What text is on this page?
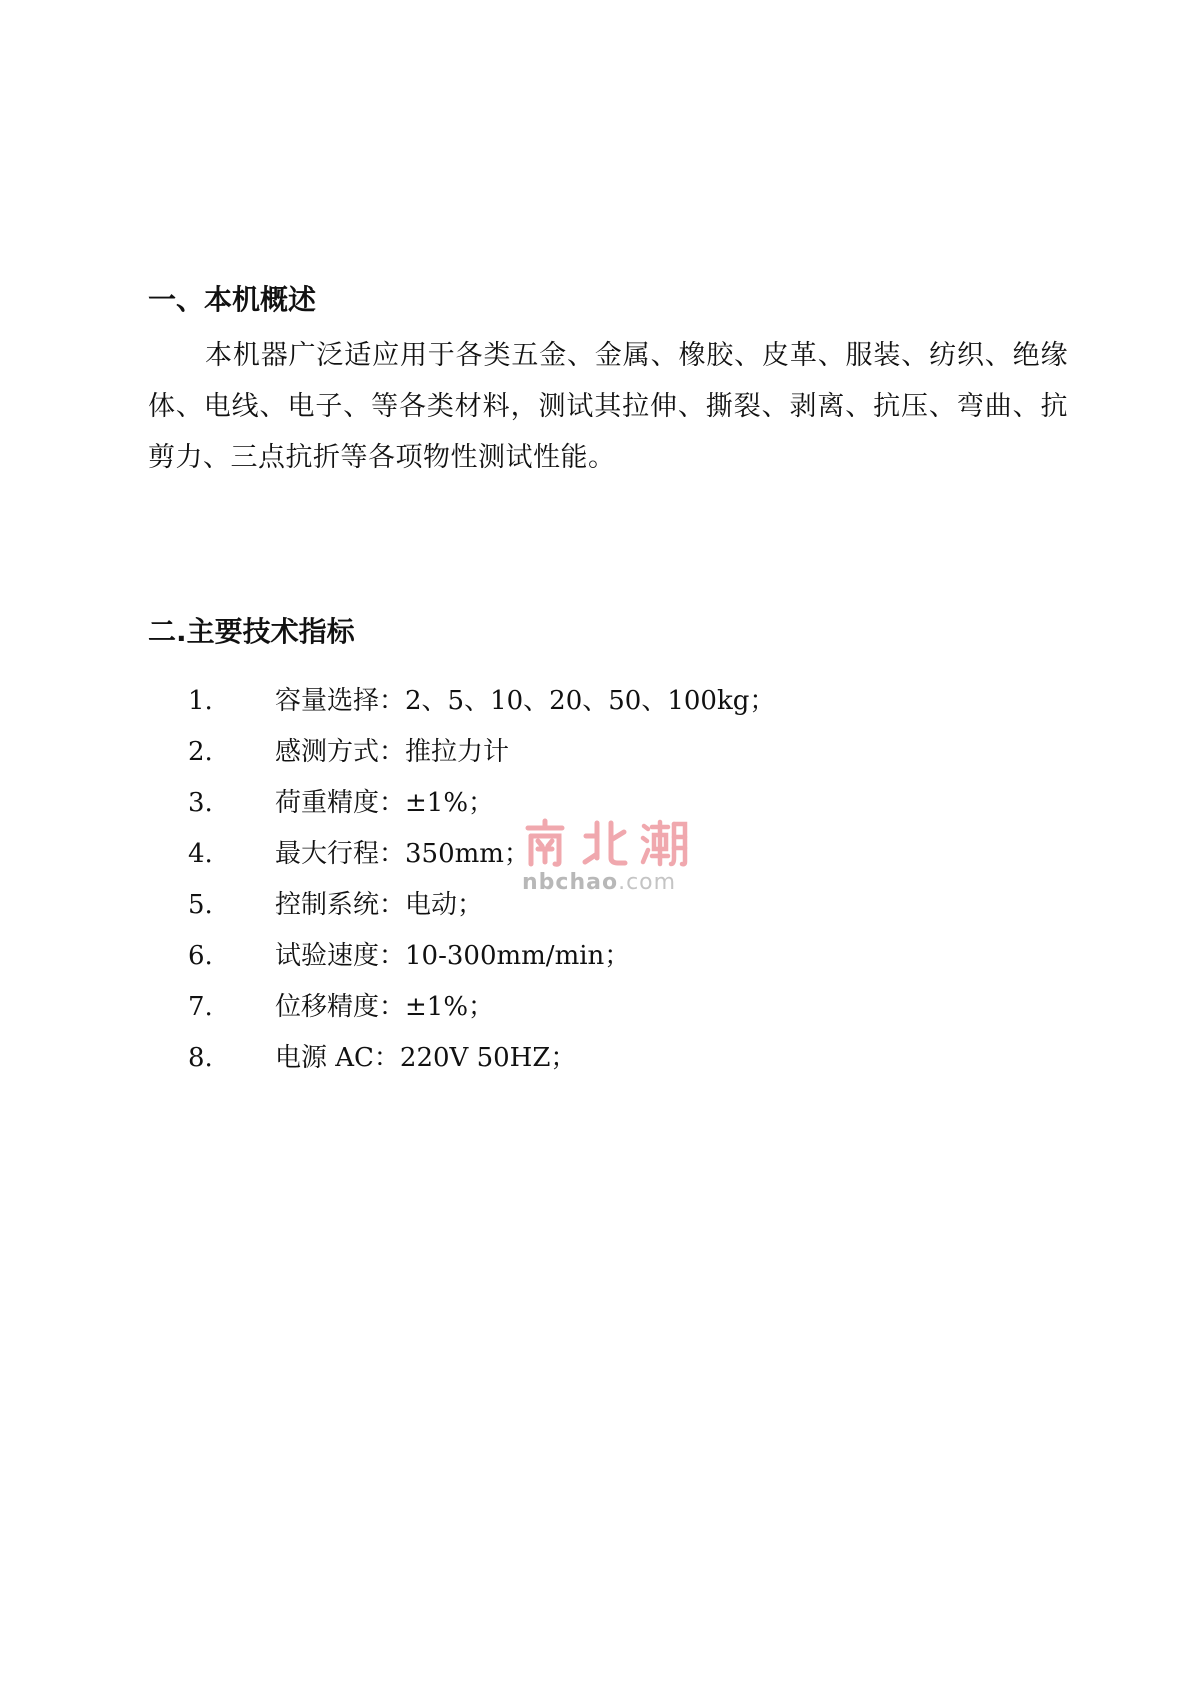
一、本机概述
本机器广泛适应用于各类五金、金属、橡胶、皮革、服装、纺织、绝缘体、电线、电子、等各类材料，测试其拉伸、撕裂、剥离、抗压、弯曲、抗剪力、三点抗折等各项物性测试性能。
二.主要技术指标
1.	容量选择：2、5、10、20、50、100kg；
2.	感测方式：推拉力计
3.	荷重精度：±1%；
4.	最大行程：350mm；
5.	控制系统：电动；
6.	试验速度：10-300mm/min；
7.	位移精度：±1%；
8.	电源 AC：220V 50HZ；
nbchao.com
